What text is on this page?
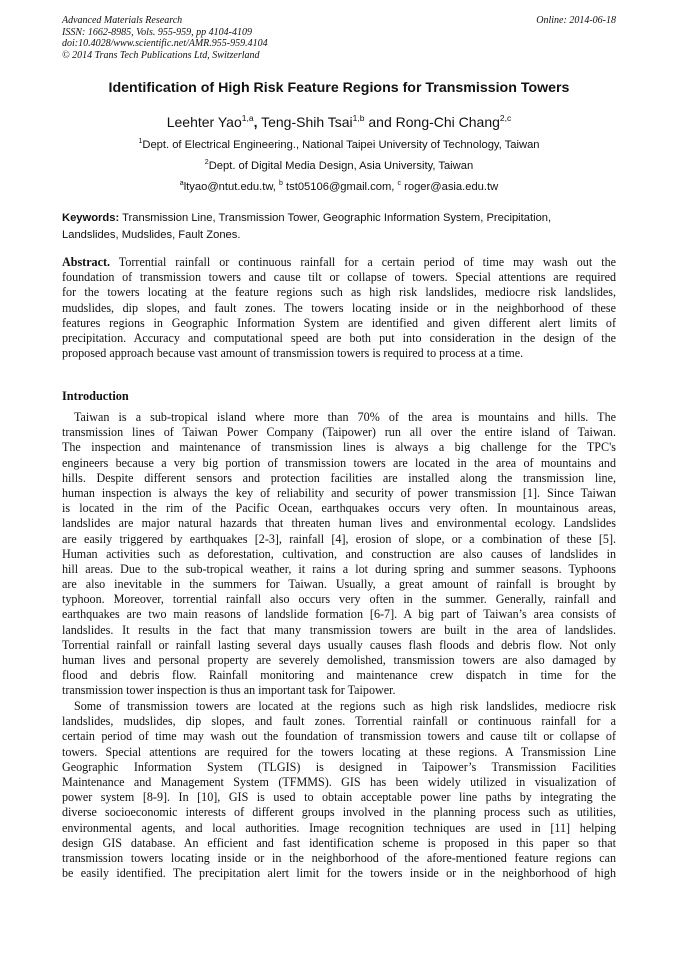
Advanced Materials Research
ISSN: 1662-8985, Vols. 955-959, pp 4104-4109
doi:10.4028/www.scientific.net/AMR.955-959.4104
© 2014 Trans Tech Publications Ltd, Switzerland
Online: 2014-06-18
Identification of High Risk Feature Regions for Transmission Towers
Leehter Yao$^{1,a}$, Teng-Shih Tsai$^{1,b}$ and Rong-Chi Chang$^{2,c}$
$^1$Dept. of Electrical Engineering., National Taipei University of Technology, Taiwan
$^2$Dept. of Digital Media Design, Asia University, Taiwan
$^a$ltyao@ntut.edu.tw, $^b$ tst05106@gmail.com, $^c$ roger@asia.edu.tw
Keywords: Transmission Line, Transmission Tower, Geographic Information System, Precipitation,
Landslides, Mudslides, Fault Zones.
Abstract. Torrential rainfall or continuous rainfall for a certain period of time may wash out the
foundation of transmission towers and cause tilt or collapse of towers. Special attentions are required
for the towers locating at the feature regions such as high risk landslides, mediocre risk landslides,
mudslides, dip slopes, and fault zones. The towers locating inside or in the neighborhood of these
features regions in Geographic Information System are identified and given different alert limits of
precipitation. Accuracy and computational speed are both put into consideration in the design of the
proposed approach because vast amount of transmission towers is required to process at a time.
Introduction
Taiwan is a sub-tropical island where more than 70% of the area is mountains and hills. The
transmission lines of Taiwan Power Company (Taipower) run all over the entire island of Taiwan.
The inspection and maintenance of transmission lines is always a big challenge for the TPC's
engineers because a very big portion of transmission towers are located in the area of mountains and
hills. Despite different sensors and protection facilities are installed along the transmission line,
human inspection is always the key of reliability and security of power transmission [1]. Since Taiwan
is located in the rim of the Pacific Ocean, earthquakes occurs very often. In mountainous areas,
landslides are major natural hazards that threaten human lives and environmental ecology. Landslides
are easily triggered by earthquakes [2-3], rainfall [4], erosion of slope, or a combination of these [5].
Human activities such as deforestation, cultivation, and construction are also causes of landslides in
hill areas. Due to the sub-tropical weather, it rains a lot during spring and summer seasons. Typhoons
are also inevitable in the summers for Taiwan. Usually, a great amount of rainfall is brought by
typhoon. Moreover, torrential rainfall also occurs very often in the summer. Generally, rainfall and
earthquakes are two main reasons of landslide formation [6-7]. A big part of Taiwan’s area consists of
landslides. It results in the fact that many transmission towers are built in the area of landslides.
Torrential rainfall or rainfall lasting several days usually causes flash floods and debris flow. Not only
human lives and personal property are severely demolished, transmission towers are also damaged by
flood and debris flow. Rainfall monitoring and maintenance crew dispatch in time for the
transmission tower inspection is thus an important task for Taipower.
Some of transmission towers are located at the regions such as high risk landslides, mediocre risk
landslides, mudslides, dip slopes, and fault zones. Torrential rainfall or continuous rainfall for a
certain period of time may wash out the foundation of transmission towers and cause tilt or collapse of
towers. Special attentions are required for the towers locating at these regions. A Transmission Line
Geographic Information System (TLGIS) is designed in Taipower’s Transmission Facilities
Maintenance and Management System (TFMMS). GIS has been widely utilized in visualization of
power system [8-9]. In [10], GIS is used to obtain acceptable power line paths by integrating the
diverse socioeconomic interests of different groups involved in the planning process such as utilities,
environmental agents, and local authorities. Image recognition techniques are used in [11] helping
design GIS database. An efficient and fast identification scheme is proposed in this paper so that
transmission towers locating inside or in the neighborhood of the afore-mentioned feature regions can
be easily identified. The precipitation alert limit for the towers inside or in the neighborhood of high
